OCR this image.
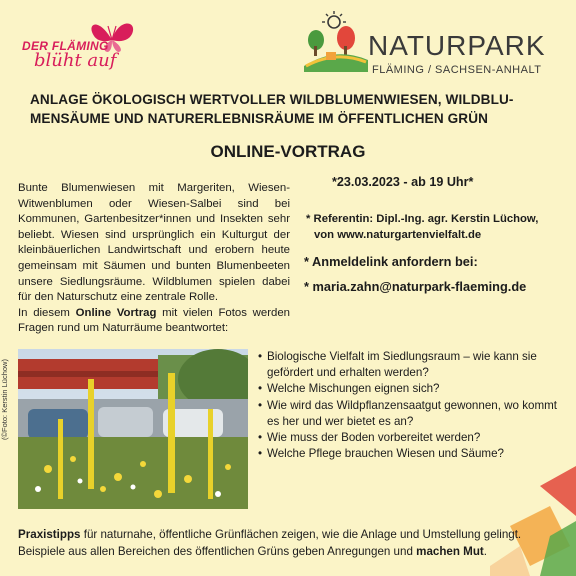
DER FLÄMING
blüht auf	NATURPARK
FLÄMING / SACHSEN-ANHALT
ANLAGE ÖKOLOGISCH WERTVOLLER WILDBLUMENWIESEN, WILDBLU-
MENSÄUME UND NATURERLEBNISRÄUME IM ÖFFENTLICHEN GRÜN
ONLINE-VORTRAG

Bunte Blumenwiesen mit Margeriten, Wiesen-Witwenblumen oder Wiesen-Salbei sind bei Kommunen, Gartenbesitzer*innen und Insekten sehr beliebt. Wiesen sind ursprünglich ein Kulturgut der kleinbäuerlichen Landwirtschaft und erobern heute gemeinsam mit Säumen und bunten Blumenbeeten unsere Siedlungsräume. Wildblumen spielen dabei für den Naturschutz eine zentrale Rolle.

In diesem Online Vortrag mit vielen Fotos werden Fragen rund um Naturräume beantwortet:

*23.03.2023 - ab 19 Uhr*
* Referentin: Dipl.-Ing. agr. Kerstin Lüchow,
von www.naturgartenvielfalt.de
* Anmeldelink anfordern bei:
* maria.zahn@naturpark-flaeming.de
(©Foto: Kerstin Lüchow)
• Biologische Vielfalt im Siedlungsraum – wie kann sie gefördert und erhalten werden?
• Welche Mischungen eignen sich?
• Wie wird das Wildpflanzensaatgut gewonnen, wo kommt es her und wer bietet es an?
• Wie muss der Boden vorbereitet werden?
• Welche Pflege brauchen Wiesen und Säume?
Praxistipps für naturnahe, öffentliche Grünflächen zeigen, wie die Anlage und Umstellung gelingt. Beispiele aus allen Bereichen des öffentlichen Grüns geben Anregungen und machen Mut.
